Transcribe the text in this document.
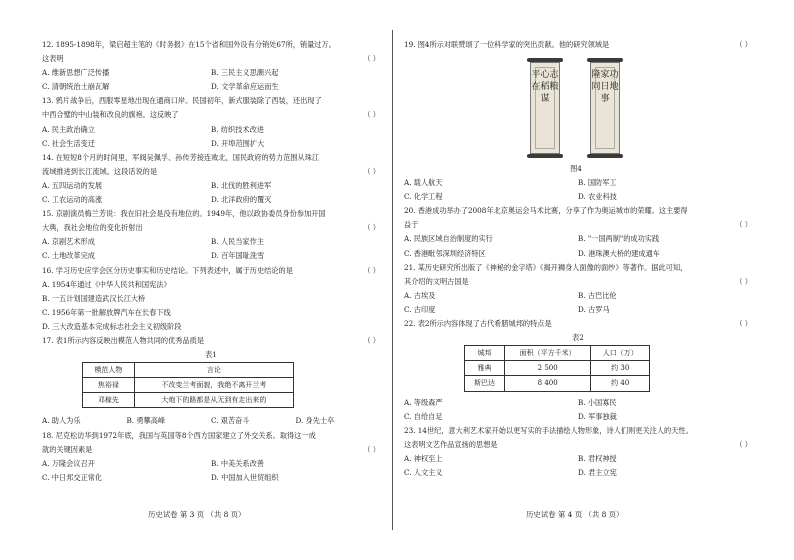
12. 1895-1898年，梁启超主笔的《时务报》在15个省和国外设有分销处67所，销量过万。
这表明	（ ）
A. 维新思想广泛传播	B. 三民主义思潮兴起
C. 清朝统治土崩瓦解	D. 文学革命应运而生
13. 鸦片战争后，西服零星地出现在通商口岸。民国初年，新式服装除了西装，还出现了
中西合璧的中山装和改良的旗袍。这反映了	（ ）
A. 民主政治确立	B. 纺织技术改进
C. 社会生活变迁	D. 开埠范围扩大
14. 在短短8个月的时间里，军阀吴佩孚、孙传芳接连败北，国民政府的势力范围从珠江
流域推进到长江流域。这段话说的是	（ ）
A. 五四运动的发展	B. 北伐的胜利进军
C. 工农运动的高涨	D. 北洋政府的覆灭
15. 京剧演员梅兰芳说：我在旧社会是没有地位的。1949年，他以政协委员身份参加开国
大典，我社会地位的变化折射出	（ ）
A. 京剧艺术形成	B. 人民当家作主
C. 土地改革完成	D. 百年国耻洗雪
16. 学习历史应学会区分历史事实和历史结论。下列表述中，属于历史结论的是	（ ）
A. 1954年通过《中华人民共和国宪法》
B. 一五计划国建造武汉长江大桥
C. 1956年第一批解放牌汽车在长春下线
D. 三大改造基本完成标志社会主义初级阶段
17. 表1所示内容反映出模范人物共同的优秀品质是	（ ）
表1
模范人物	言论
焦裕禄	不改变兰考面貌，我绝不离开兰考
邓稼先	大炮下的路都是从无到有走出来的
A. 助人为乐	B. 勇攀高峰	C. 艰苦奋斗	D. 身先士卒
18. 尼克松访华到1972年底，我国与英国等8个西方国家建立了外交关系。取得这一成
就的关键因素是	（ ）
A. 万隆会议召开	B. 中美关系改善
C. 中日邦交正常化	D. 中国加入世贸组织
19. 图4所示对联赞颂了一位科学家的突出贡献。他的研究领域是	（ ）
平心志在稻粮谋
隆家功同日地事
图4
A. 载人航天	B. 国防军工
C. 化学工程	D. 农业科技
20. 香港成功举办了2008年北京奥运会马术比赛，分享了作为奥运城市的荣耀。这主要得
益于	（ ）
A. 民族区域自治制度的实行	B. "一国两制"的成功实践
C. 香港毗邻深圳经济特区	D. 港珠澳大桥的建成通车
21. 某历史研究所出版了《神秘的金字塔》《揭开狮身人面像的面纱》等著作。据此可知，
其介绍的文明古国是	（ ）
A. 古埃及	B. 古巴比伦
C. 古印度	D. 古罗马
22. 表2所示内容体现了古代希腊城邦的特点是	（ ）
表2
城邦	面积（平方千米）	人口（万）
雅典	2 500	约 30
斯巴达	8 400	约 40
A. 等级森严	B. 小国寡民
C. 自给自足	D. 军事独裁
23. 14世纪，意大利艺术家开始以更写实的手法描绘人物形象，诗人们则更关注人的天性。
这表明文艺作品宣扬的思想是	（ ）
A. 神权至上	B. 君权神授
C. 人文主义	D. 君主立宪
历史试卷 第 3 页 （共 8 页）	历史试卷 第 4 页 （共 8 页）
